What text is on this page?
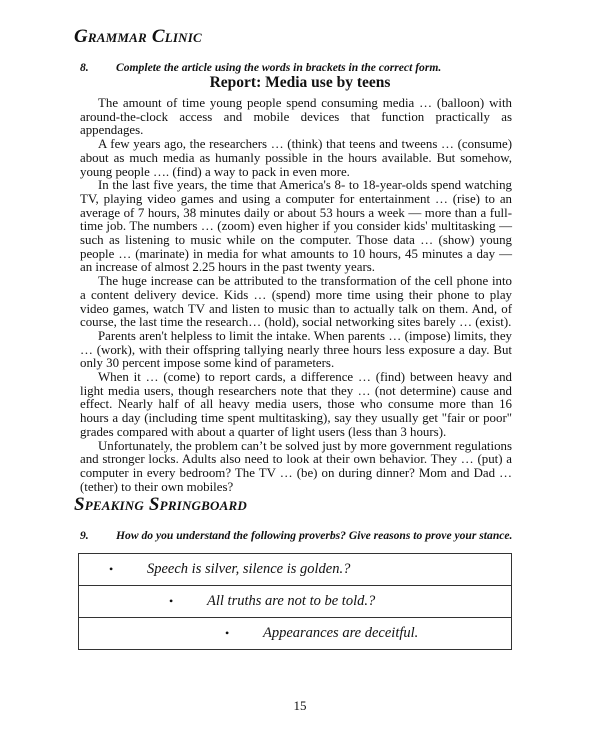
Grammar Clinic
8. Complete the article using the words in brackets in the correct form.
Report: Media use by teens

The amount of time young people spend consuming media … (balloon) with around-the-clock access and mobile devices that function practically as appendages.

A few years ago, the researchers … (think) that teens and tweens … (consume) about as much media as humanly possible in the hours available. But somehow, young people …. (find) a way to pack in even more.

In the last five years, the time that America's 8- to 18-year-olds spend watching TV, playing video games and using a computer for entertainment … (rise) to an average of 7 hours, 38 minutes daily or about 53 hours a week — more than a full-time job. The numbers … (zoom) even higher if you consider kids' multitasking — such as listening to music while on the computer. Those data … (show) young people … (marinate) in media for what amounts to 10 hours, 45 minutes a day — an increase of almost 2.25 hours in the past twenty years.

The huge increase can be attributed to the transformation of the cell phone into a content delivery device. Kids … (spend) more time using their phone to play video games, watch TV and listen to music than to actually talk on them. And, of course, the last time the research… (hold), social networking sites barely … (exist).

Parents aren't helpless to limit the intake. When parents … (impose) limits, they … (work), with their offspring tallying nearly three hours less exposure a day. But only 30 percent impose some kind of parameters.

When it … (come) to report cards, a difference … (find) between heavy and light media users, though researchers note that they … (not determine) cause and effect. Nearly half of all heavy media users, those who consume more than 16 hours a day (including time spent multitasking), say they usually get "fair or poor" grades compared with about a quarter of light users (less than 3 hours).

Unfortunately, the problem can’t be solved just by more government regulations and stronger locks. Adults also need to look at their own behavior. They … (put) a computer in every bedroom? The TV … (be) on during dinner? Mom and Dad … (tether) to their own mobiles?

Speaking Springboard
9. How do you understand the following proverbs? Give reasons to prove your stance.
•	Speech is silver, silence is golden.?
•	All truths are not to be told.?
•	Appearances are deceitful.
15
